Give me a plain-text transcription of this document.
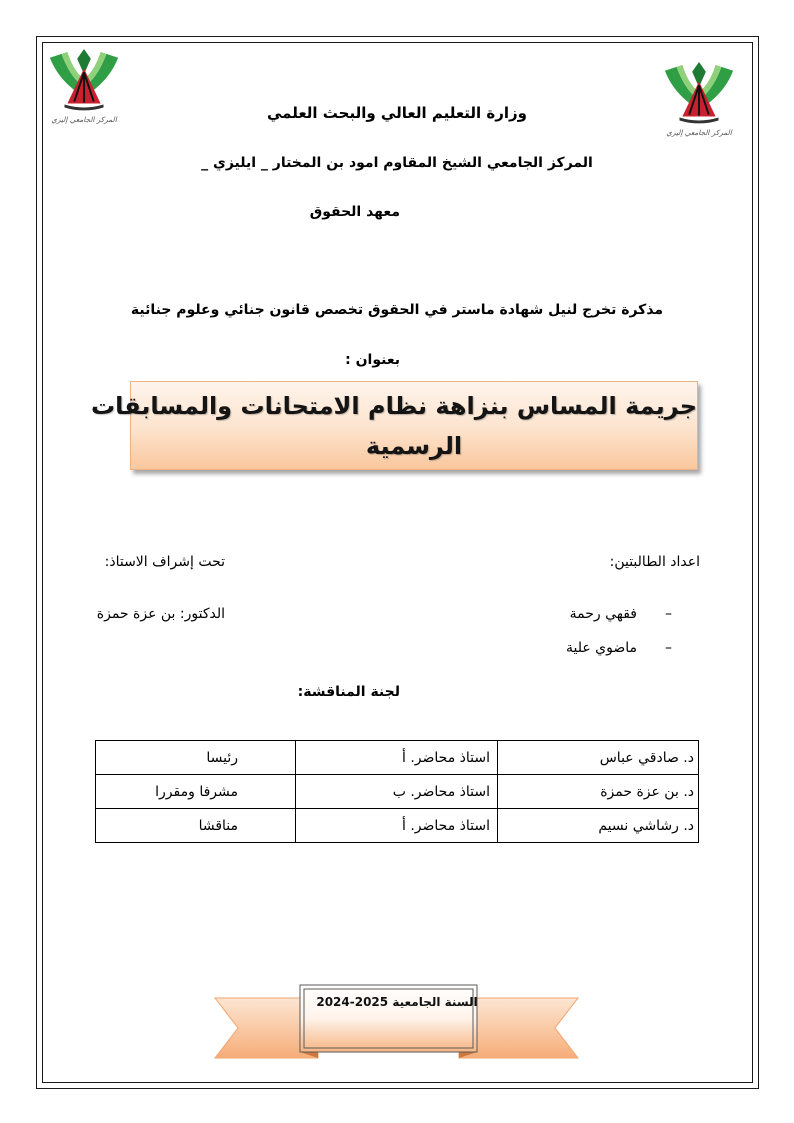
المركز الجامعي إليزي
المركز الجامعي إليزي
وزارة التعليم العالي والبحث العلمي
المركز الجامعي الشيخ المقاوم امود بن المختار _ ايليزي _
معهد الحقوق
مذكرة تخرج لنيل شهادة ماستر في الحقوق تخصص قانون جنائي وعلوم جنائية
بعنوان :
جريمة المساس بنزاهة نظام الامتحانات والمسابقات
الرسمية
اعداد الطالبتين:
تحت إشراف الاستاذ:
–
فقهي رحمة
الدكتور: بن عزة حمزة
–
ماضوي علية
لجنة المناقشة:
د. صادقي عباس	استاذ محاضر. أ	رئيسا
د. بن عزة حمزة	استاذ محاضر. ب	مشرفا ومقررا
د. رشاشي نسيم	استاذ محاضر. أ	مناقشا
السنة الجامعية 2025-2024
